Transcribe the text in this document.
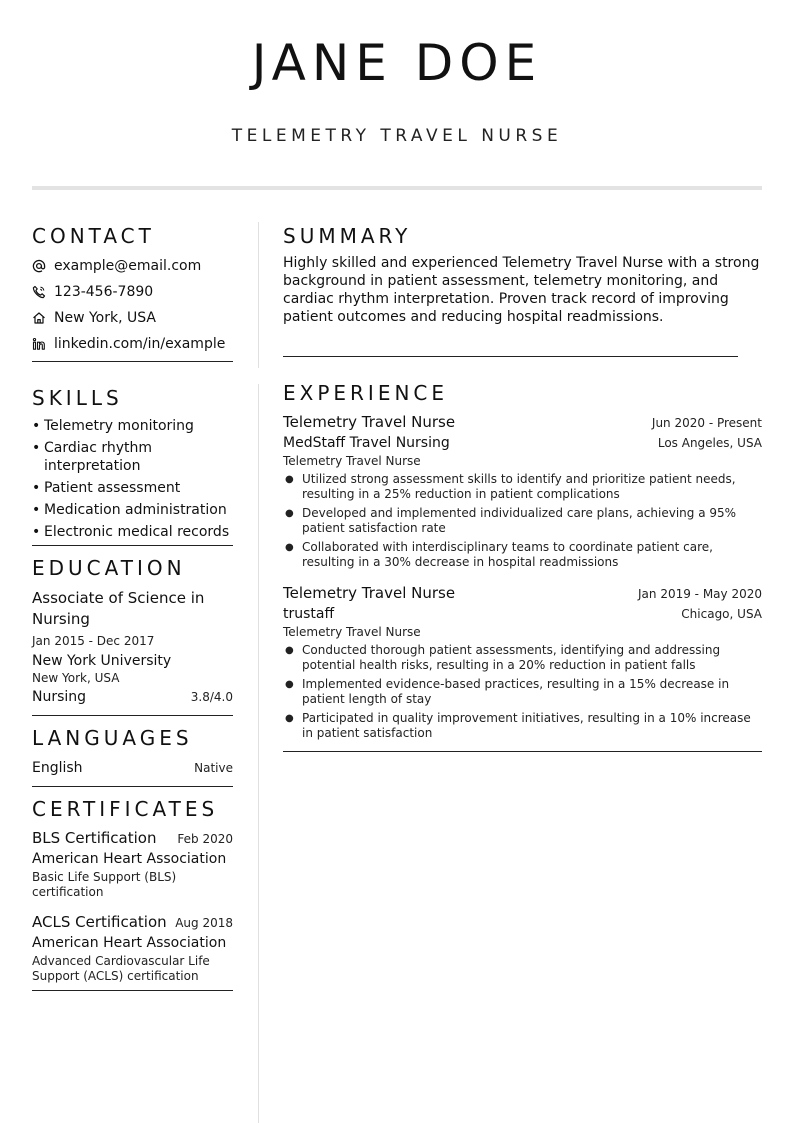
JANE DOE
TELEMETRY TRAVEL NURSE
CONTACT
example@email.com
123-456-7890
New York, USA
linkedin.com/in/example
SKILLS
• Telemetry monitoring
• Cardiac rhythm interpretation
• Patient assessment
• Medication administration
• Electronic medical records
EDUCATION
Associate of Science in Nursing
Jan 2015 - Dec 2017
New York University
New York, USA
Nursing	3.8/4.0
LANGUAGES
English	Native
CERTIFICATES
BLS Certification Feb 2020
American Heart Association
Basic Life Support (BLS) certification
ACLS Certification Aug 2018
American Heart Association
Advanced Cardiovascular Life Support (ACLS) certification
SUMMARY
Highly skilled and experienced Telemetry Travel Nurse with a strong background in patient assessment, telemetry monitoring, and cardiac rhythm interpretation. Proven track record of improving patient outcomes and reducing hospital readmissions.
EXPERIENCE
Telemetry Travel Nurse	Jun 2020 - Present
MedStaff Travel Nursing	Los Angeles, USA
Telemetry Travel Nurse
● Utilized strong assessment skills to identify and prioritize patient needs, resulting in a 25% reduction in patient complications
● Developed and implemented individualized care plans, achieving a 95% patient satisfaction rate
● Collaborated with interdisciplinary teams to coordinate patient care, resulting in a 30% decrease in hospital readmissions
Telemetry Travel Nurse	Jan 2019 - May 2020
trustaff	Chicago, USA
Telemetry Travel Nurse
● Conducted thorough patient assessments, identifying and addressing potential health risks, resulting in a 20% reduction in patient falls
● Implemented evidence-based practices, resulting in a 15% decrease in patient length of stay
● Participated in quality improvement initiatives, resulting in a 10% increase in patient satisfaction
